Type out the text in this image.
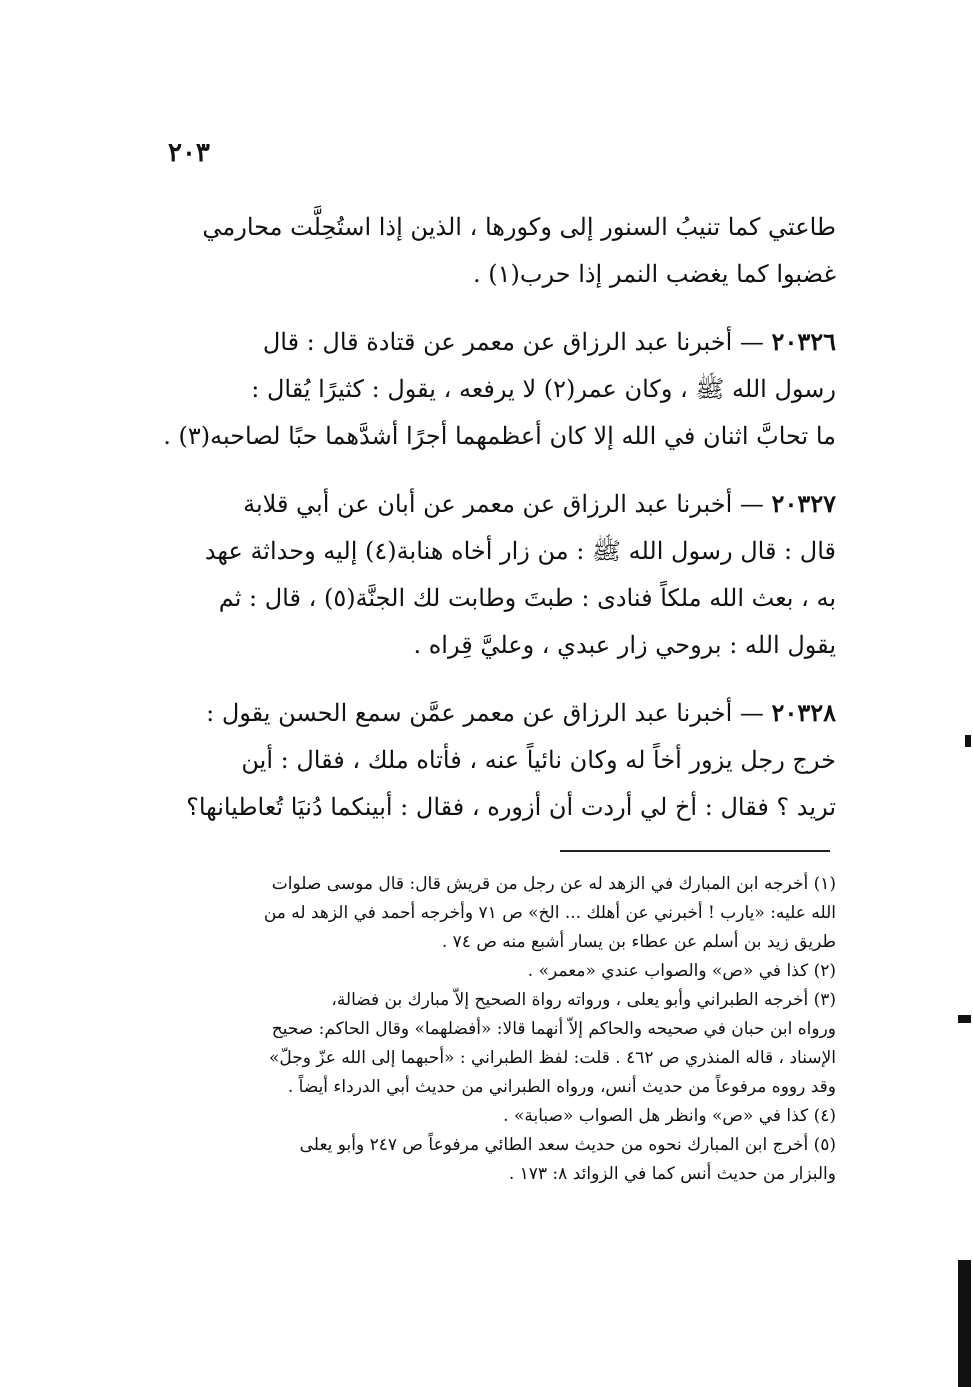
٢٠٣
طاعتي كما تنيبُ السنور إلى وكورها ، الذين إذا استُحِلَّت محارمي
غضبوا كما يغضب النمر إذا حرب(١) .
٢٠٣٢٦ — أخبرنا عبد الرزاق عن معمر عن قتادة قال : قال
رسول الله ﷺ ، وكان عمر(٢) لا يرفعه ، يقول : كثيرًا يُقال :
ما تحابَّ اثنان في الله إلا كان أعظمهما أجرًا أشدَّهما حبًا لصاحبه(٣) .
٢٠٣٢٧ — أخبرنا عبد الرزاق عن معمر عن أبان عن أبي قلابة
قال : قال رسول الله ﷺ : من زار أخاه هنابة(٤) إليه وحداثة عهد
به ، بعث الله ملكاً فنادى : طبتَ وطابت لك الجنَّة(٥) ، قال : ثم
يقول الله : بروحي زار عبدي ، وعليَّ قِراه .
٢٠٣٢٨ — أخبرنا عبد الرزاق عن معمر عمَّن سمع الحسن يقول :
خرج رجل يزور أخاً له وكان نائياً عنه ، فأتاه ملك ، فقال : أين
تريد ؟ فقال : أخ لي أردت أن أزوره ، فقال : أبينكما دُنيَا تُعاطيانها؟
(١) أخرجه ابن المبارك في الزهد له عن رجل من قريش قال: قال موسى صلوات
الله عليه: «يارب ! أخبرني عن أهلك ... الخ» ص ٧١ وأخرجه أحمد في الزهد له من
طريق زيد بن أسلم عن عطاء بن يسار أشبع منه ص ٧٤ .
(٢) كذا في «ص» والصواب عندي «معمر» .
(٣) أخرجه الطبراني وأبو يعلى ، ورواته رواة الصحيح إلاّ مبارك بن فضالة،
ورواه ابن حبان في صحيحه والحاكم إلاّ أنهما قالا: «أفضلهما» وقال الحاكم: صحيح
الإسناد ، قاله المنذري ص ٤٦٢ . قلت: لفظ الطبراني : «أحبهما إلى الله عزّ وجلّ»
وقد رووه مرفوعاً من حديث أنس، ورواه الطبراني من حديث أبي الدرداء أيضاً .
(٤) كذا في «ص» وانظر هل الصواب «صبابة» .
(٥) أخرج ابن المبارك نحوه من حديث سعد الطائي مرفوعاً ص ٢٤٧ وأبو يعلى
والبزار من حديث أنس كما في الزوائد ٨: ١٧٣ .
